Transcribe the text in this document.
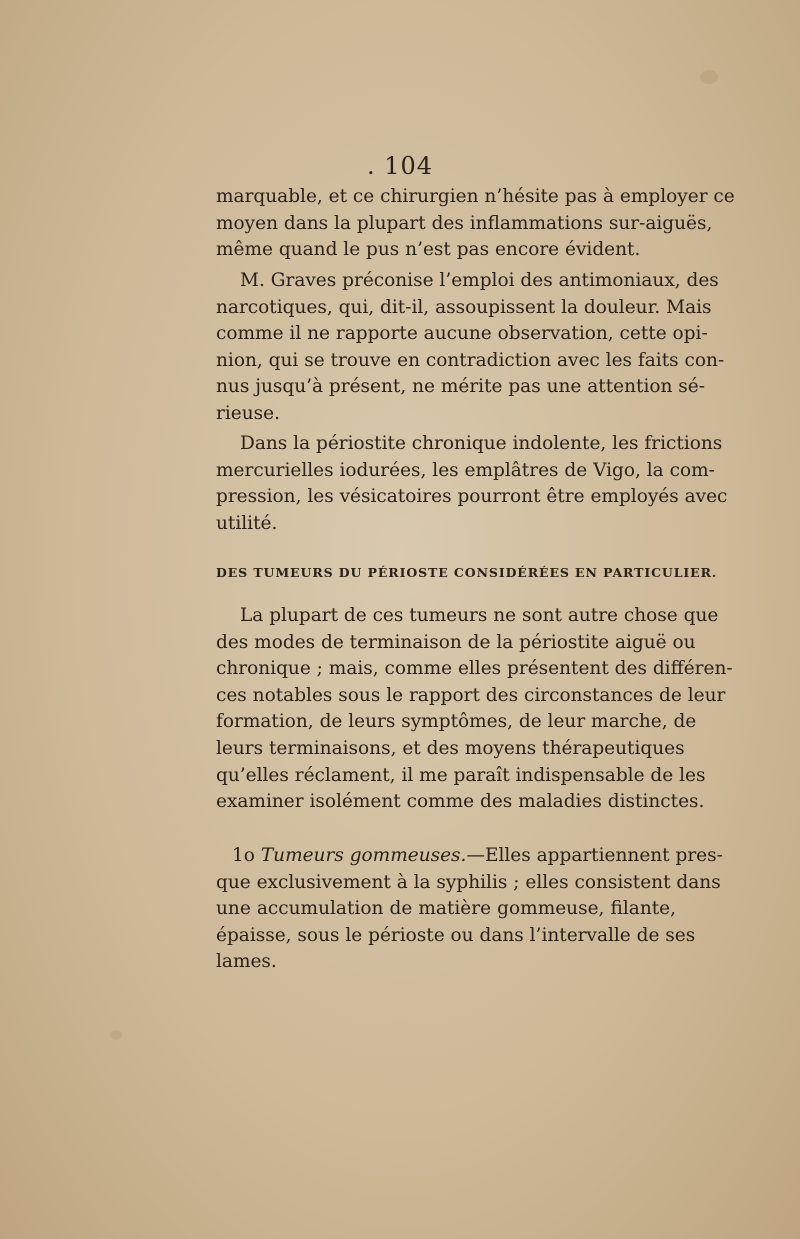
. 104
marquable, et ce chirurgien n’hésite pas à employer ce
moyen dans la plupart des inflammations sur-aiguës,
même quand le pus n’est pas encore évident.
M. Graves préconise l’emploi des antimoniaux, des
narcotiques, qui, dit-il, assoupissent la douleur. Mais
comme il ne rapporte aucune observation, cette opi-
nion, qui se trouve en contradiction avec les faits con-
nus jusqu’à présent, ne mérite pas une attention sé-
rieuse.
Dans la périostite chronique indolente, les frictions
mercurielles iodurées, les emplâtres de Vigo, la com-
pression, les vésicatoires pourront être employés avec
utilité.
DES TUMEURS DU PÉRIOSTE CONSIDÉRÉES EN PARTICULIER.
La plupart de ces tumeurs ne sont autre chose que
des modes de terminaison de la périostite aiguë ou
chronique ; mais, comme elles présentent des différen-
ces notables sous le rapport des circonstances de leur
formation, de leurs symptômes, de leur marche, de
leurs terminaisons, et des moyens thérapeutiques
qu’elles réclament, il me paraît indispensable de les
examiner isolément comme des maladies distinctes.
1o Tumeurs gommeuses.—Elles appartiennent pres-
que exclusivement à la syphilis ; elles consistent dans
une accumulation de matière gommeuse, filante,
épaisse, sous le périoste ou dans l’intervalle de ses
lames.
